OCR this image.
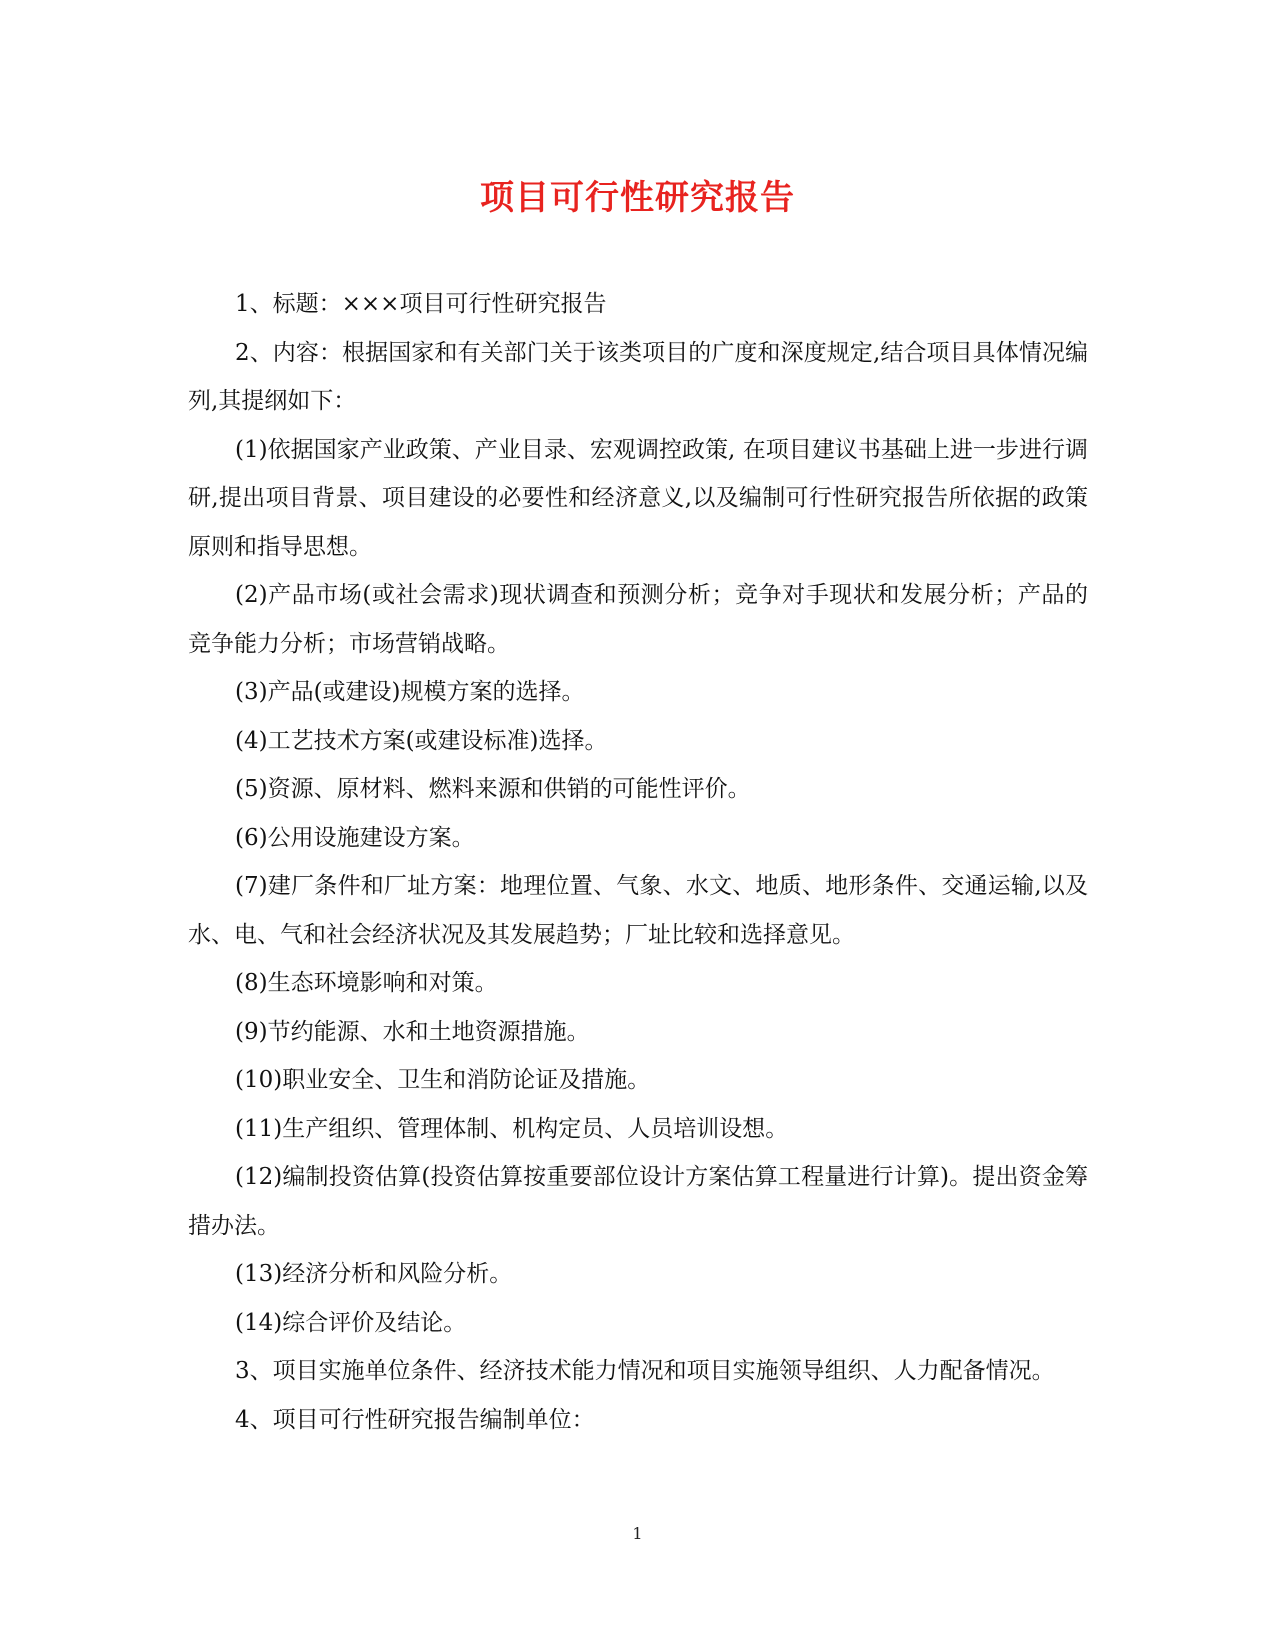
项目可行性研究报告

1、标题：×××项目可行性研究报告

2、内容：根据国家和有关部门关于该类项目的广度和深度规定,结合项目具体情况编列,其提纲如下：

(1)依据国家产业政策、产业目录、宏观调控政策, 在项目建议书基础上进一步进行调研,提出项目背景、项目建设的必要性和经济意义,以及编制可行性研究报告所依据的政策原则和指导思想。

(2)产品市场(或社会需求)现状调查和预测分析；竞争对手现状和发展分析；产品的竞争能力分析；市场营销战略。

(3)产品(或建设)规模方案的选择。

(4)工艺技术方案(或建设标准)选择。

(5)资源、原材料、燃料来源和供销的可能性评价。

(6)公用设施建设方案。

(7)建厂条件和厂址方案：地理位置、气象、水文、地质、地形条件、交通运输,以及水、电、气和社会经济状况及其发展趋势；厂址比较和选择意见。

(8)生态环境影响和对策。

(9)节约能源、水和土地资源措施。

(10)职业安全、卫生和消防论证及措施。

(11)生产组织、管理体制、机构定员、人员培训设想。

(12)编制投资估算(投资估算按重要部位设计方案估算工程量进行计算)。提出资金筹措办法。

(13)经济分析和风险分析。

(14)综合评价及结论。

3、项目实施单位条件、经济技术能力情况和项目实施领导组织、人力配备情况。

4、项目可行性研究报告编制单位：

1
